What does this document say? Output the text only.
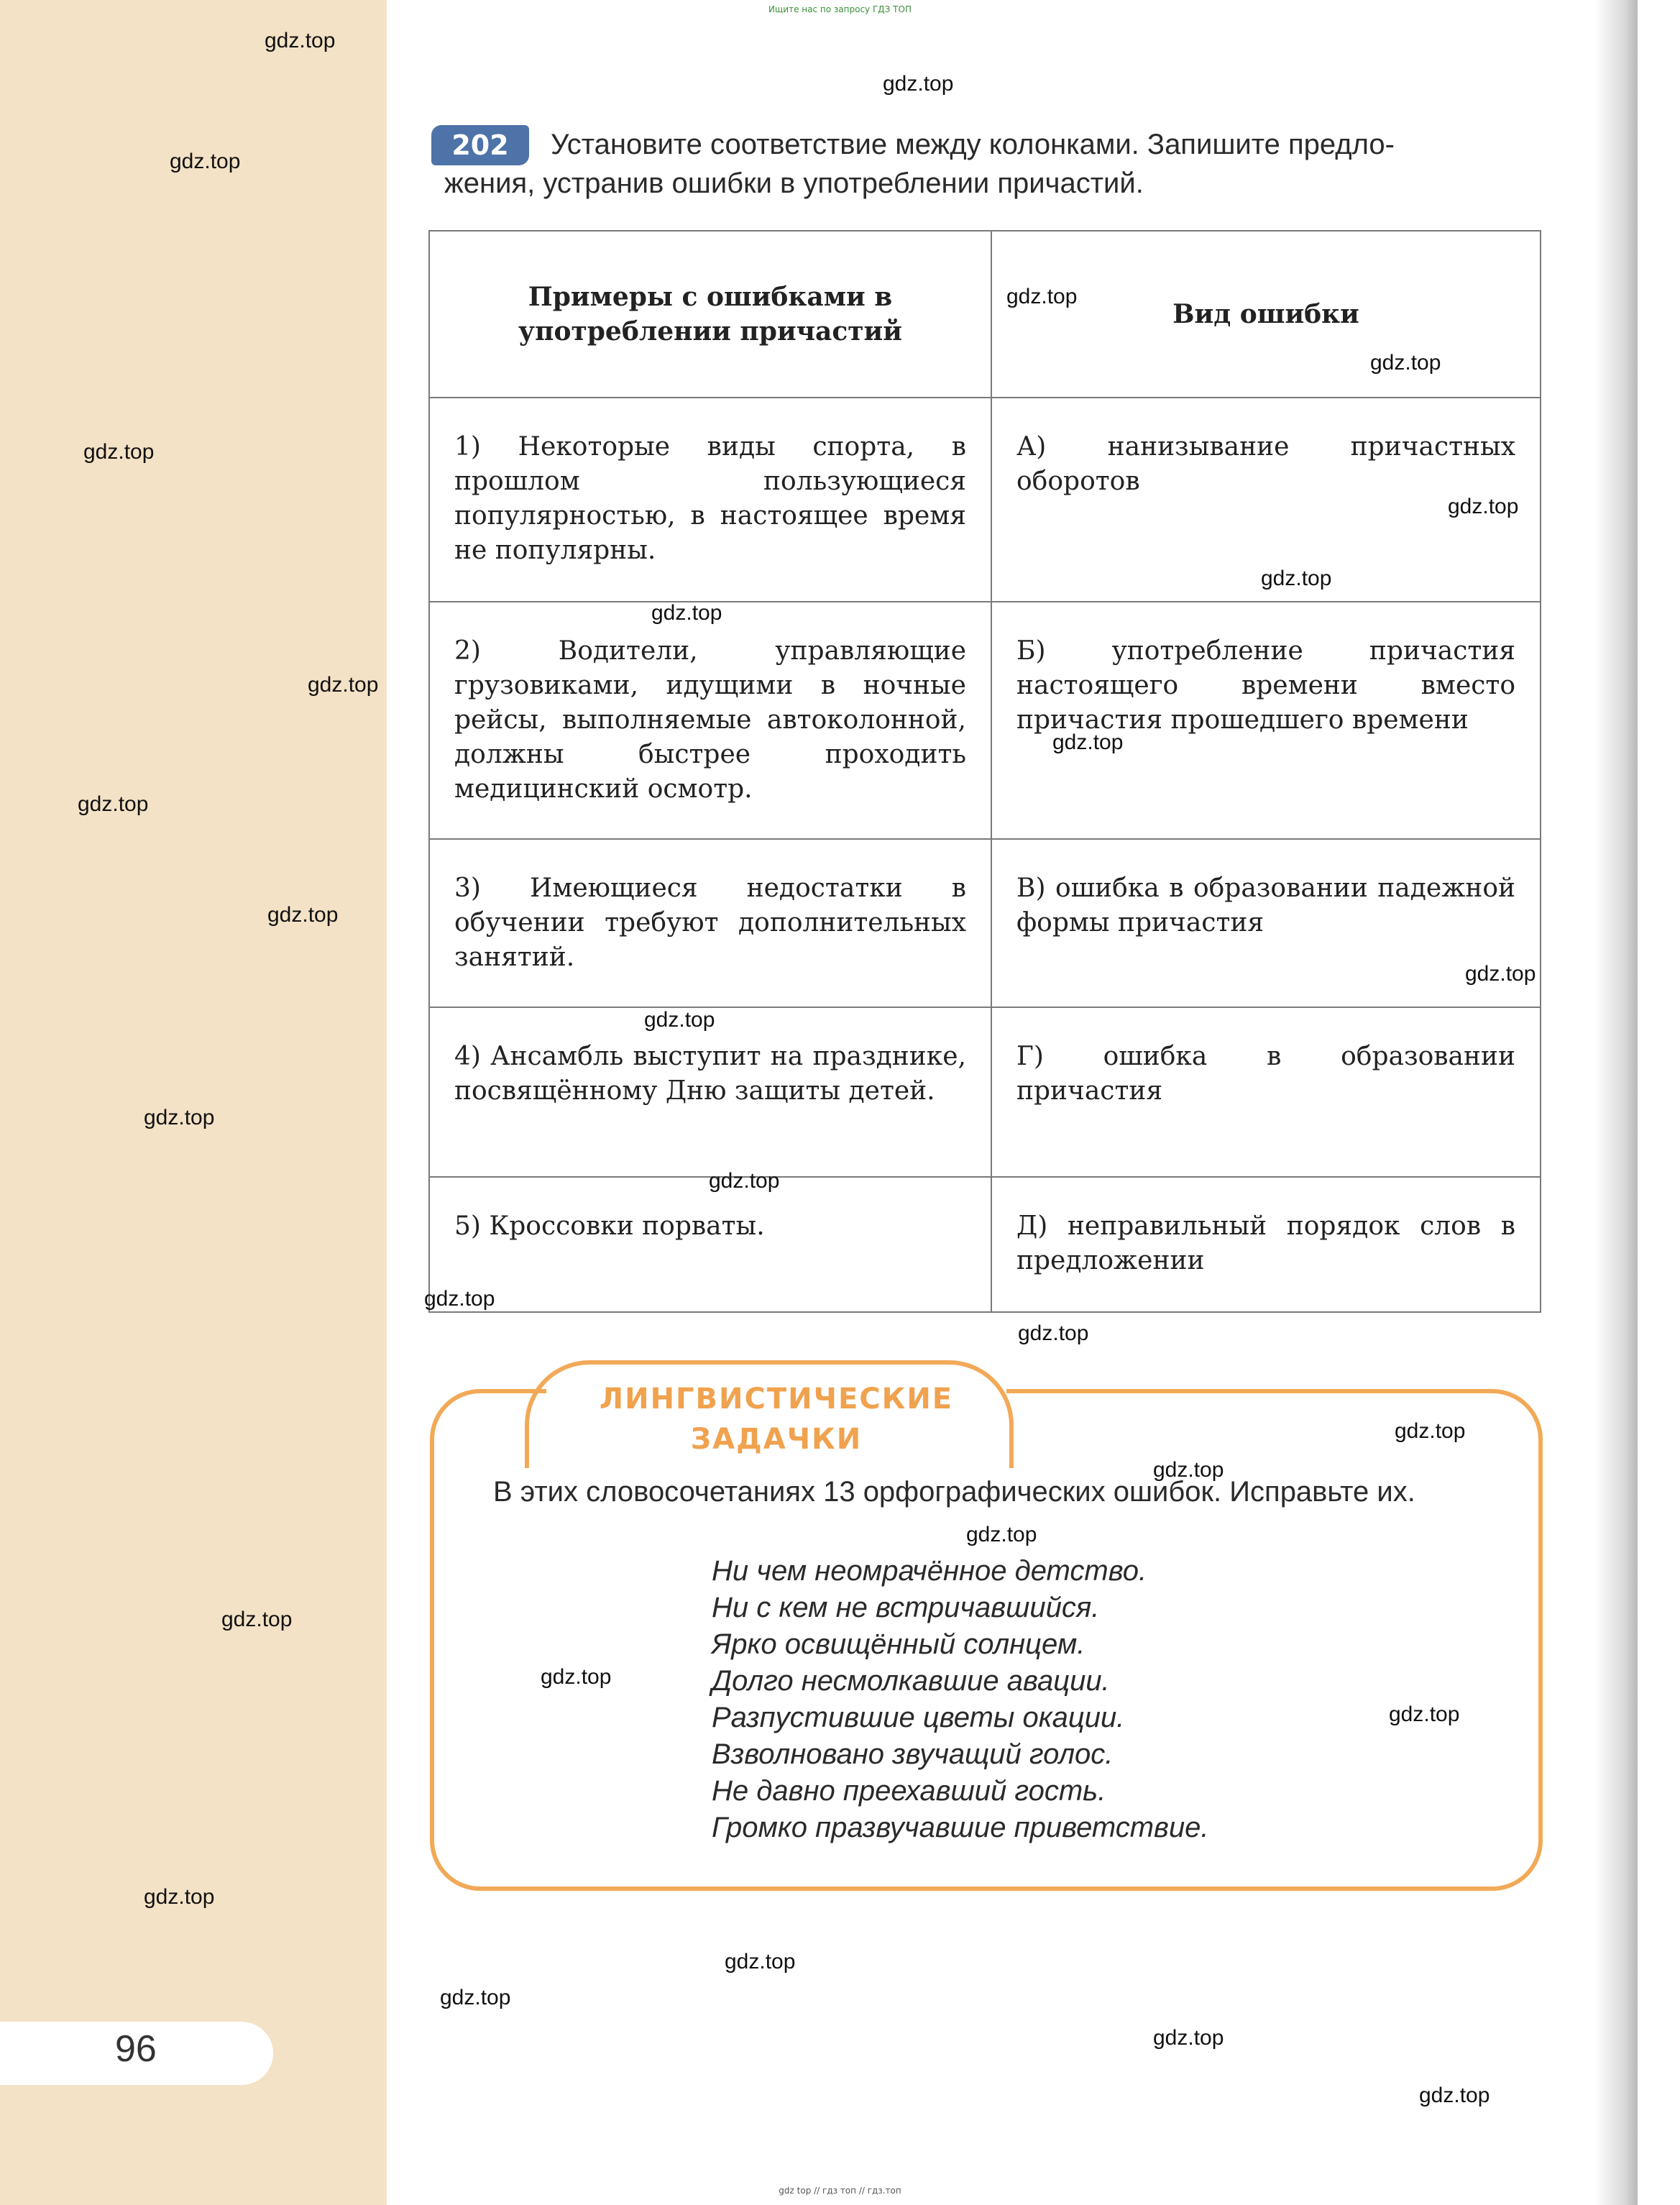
Ищите нас по запросу ГДЗ ТОП
Установите соответствие между колонками. Запишите предло-
жения, устранив ошибки в употреблении причастий.
202
Примеры с ошибками в употреблении причастий	Вид ошибки
1) Некоторые виды спорта, в прошлом пользующиеся популярностью, в настоящее время не популярны.	А) нанизывание причастных оборотов
2) Водители, управляющие грузовиками, идущими в ночные рейсы, выполняемые автоколонной, должны быстрее проходить медицинский осмотр.	Б) употребление причастия настоящего времени вместо причастия прошедшего времени
3) Имеющиеся недостатки в обучении требуют дополнительных занятий.	В) ошибка в образовании падежной формы причастия
4) Ансамбль выступит на празднике, посвящённому Дню защиты детей.	Г) ошибка в образовании причастия
5) Кроссовки порваты.	Д) неправильный порядок слов в предложении
ЛИНГВИСТИЧЕСКИЕ
ЗАДАЧКИ
В этих словосочетаниях 13 орфографических ошибок. Исправьте их.
Ни чем неомрачённое детство.
Ни с кем не встричавшийся.
Ярко освищённый солнцем.
Долго несмолкавшие авации.
Разпустившие цветы окации.
Взволновано звучащий голос.
Не давно преехавший гость.
Громко празвучавшие приветствие.
96
gdz.top
gdz.top
gdz.top
gdz.top
gdz.top
gdz.top
gdz.top
gdz.top
gdz.top
gdz.top
gdz.top
gdz.top
gdz.top
gdz.top
gdz.top
gdz.top
gdz.top
gdz.top
gdz.top
gdz.top
gdz.top
gdz.top
gdz.top
gdz.top
gdz.top
gdz.top
gdz.top
gdz.top
gdz.top
gdz.top
gdz top // гдз топ // гдз.топ
